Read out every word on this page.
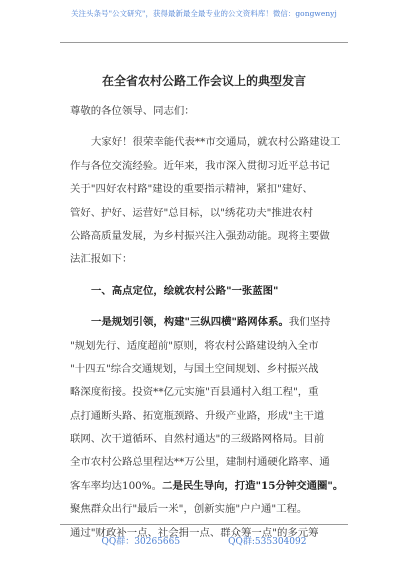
关注头条号"公文研究"，获得最新最全最专业的公文资料库！微信：gongwenyj
在全省农村公路工作会议上的典型发言
尊敬的各位领导、同志们：
大家好！很荣幸能代表**市交通局，就农村公路建设工
作与各位交流经验。近年来，我市深入贯彻习近平总书记
关于"四好农村路"建设的重要指示精神，紧扣"建好、
管好、护好、运营好"总目标，以"绣花功夫"推进农村
公路高质量发展，为乡村振兴注入强劲动能。现将主要做
法汇报如下：
一、高点定位，绘就农村公路"一张蓝图"
一是规划引领，构建"三纵四横"路网体系。我们坚持
"规划先行、适度超前"原则，将农村公路建设纳入全市
"十四五"综合交通规划，与国土空间规划、乡村振兴战
略深度衔接。投资**亿元实施"百县通村入组工程"，重
点打通断头路、拓宽瓶颈路、升级产业路，形成"主干道
联网、次干道循环、自然村通达"的三级路网格局。目前
全市农村公路总里程达**万公里，建制村通硬化路率、通
客车率均达100%。二是民生导向，打造"15分钟交通圈"。
聚焦群众出行"最后一米"，创新实施"户户通"工程。
通过"财政补一点、社会捐一点、群众筹一点"的多元筹
QQ群：30265665	QQ群:535304092
